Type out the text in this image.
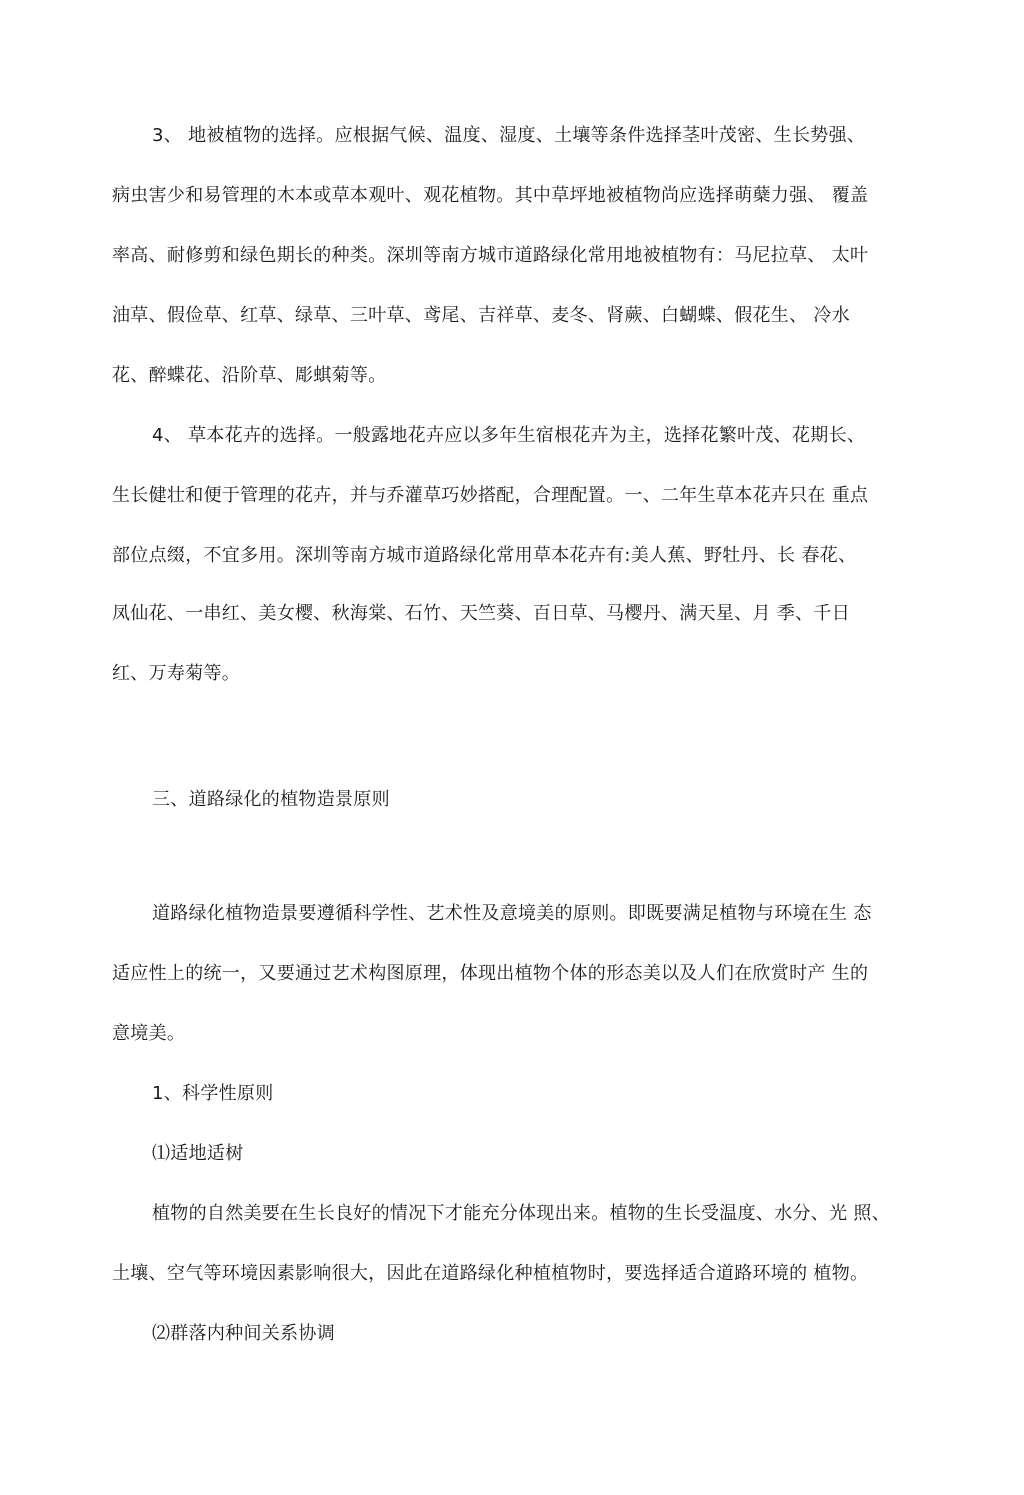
3、 地被植物的选择。应根据气候、温度、湿度、土壤等条件选择茎叶茂密、生长势强、
病虫害少和易管理的木本或草本观叶、观花植物。其中草坪地被植物尚应选择萌蘖力强、 覆盖
率高、耐修剪和绿色期长的种类。深圳等南方城市道路绿化常用地被植物有：马尼拉草、 太叶
油草、假俭草、红草、绿草、三叶草、鸢尾、吉祥草、麦冬、肾蕨、白蝴蝶、假花生、 冷水
花、醉蝶花、沿阶草、彫蜞菊等。
4、 草本花卉的选择。一般露地花卉应以多年生宿根花卉为主，选择花繁叶茂、花期长、
生长健壮和便于管理的花卉，并与乔灌草巧妙搭配，合理配置。一、二年生草本花卉只在 重点
部位点缀，不宜多用。深圳等南方城市道路绿化常用草本花卉有:美人蕉、野牡丹、长 春花、
凤仙花、一串红、美女樱、秋海棠、石竹、天竺葵、百日草、马樱丹、满天星、月 季、千日
红、万寿菊等。
三、道路绿化的植物造景原则
道路绿化植物造景要遵循科学性、艺术性及意境美的原则。即既要满足植物与环境在生 态
适应性上的统一，又要通过艺术构图原理，体现出植物个体的形态美以及人们在欣赏时产 生的
意境美。
1、科学性原则
⑴适地适树
植物的自然美要在生长良好的情况下才能充分体现出来。植物的生长受温度、水分、光 照、
土壤、空气等环境因素影响很大，因此在道路绿化种植植物时，要选择适合道路环境的 植物。
⑵群落内种间关系协调
